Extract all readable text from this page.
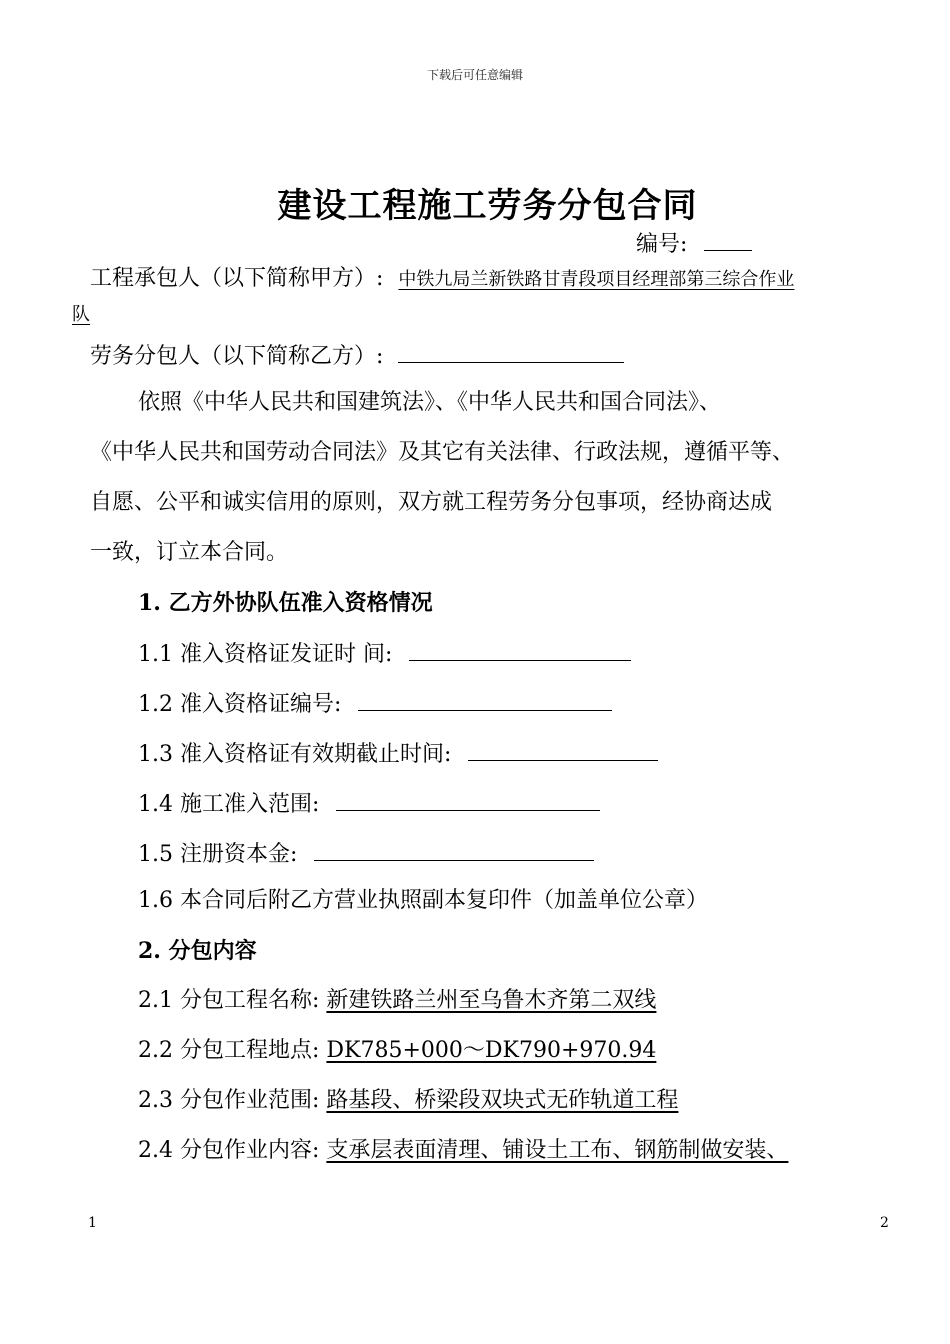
下载后可任意编辑
建设工程施工劳务分包合同
编号:
工程承包人（以下简称甲方）: 中铁九局兰新铁路甘青段项目经理部第三综合作业
队
劳务分包人（以下简称乙方）:
依照《中华人民共和国建筑法》、《中华人民共和国合同法》、
《中华人民共和国劳动合同法》及其它有关法律、行政法规，遵循平等、
自愿、公平和诚实信用的原则，双方就工程劳务分包事项，经协商达成
一致，订立本合同。
1. 乙方外协队伍准入资格情况
1.1 准入资格证发证时 间:
1.2 准入资格证编号:
1.3 准入资格证有效期截止时间:
1.4 施工准入范围:
1.5 注册资本金:
1.6 本合同后附乙方营业执照副本复印件（加盖单位公章）
2. 分包内容
2.1 分包工程名称: 新建铁路兰州至乌鲁木齐第二双线
2.2 分包工程地点: DK785+000～DK790+970.94
2.3 分包作业范围: 路基段、桥梁段双块式无砟轨道工程
2.4 分包作业内容: 支承层表面清理、铺设土工布、钢筋制做安装、
1	2
